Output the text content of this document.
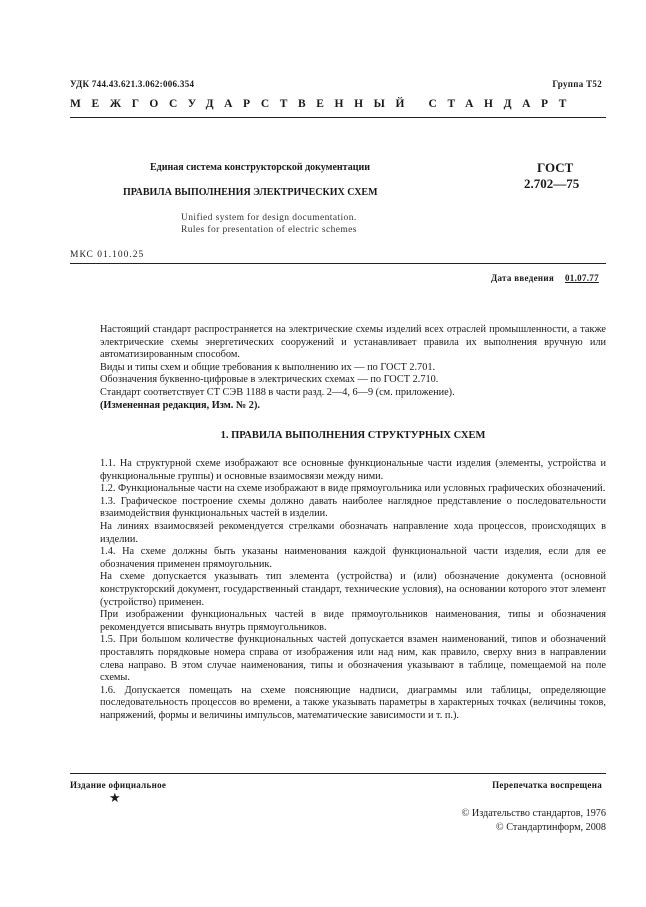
УДК 744.43.621.3.062:006.354	Группа Т52
МЕЖГОСУДАРСТВЕННЫЙ СТАНДАРТ
Единая система конструкторской документации
ПРАВИЛА ВЫПОЛНЕНИЯ ЭЛЕКТРИЧЕСКИХ СХЕМ
ГОСТ
2.702—75
Unified system for design documentation.
Rules for presentation of electric schemes
МКС 01.100.25
Дата введения 01.07.77

Настоящий стандарт распространяется на электрические схемы изделий всех отраслей промышленности, а также электрические схемы энергетических сооружений и устанавливает правила их выполнения вручную или автоматизированным способом.

Виды и типы схем и общие требования к выполнению их — по ГОСТ 2.701.

Обозначения буквенно-цифровые в электрических схемах — по ГОСТ 2.710.

Стандарт соответствует СТ СЭВ 1188 в части разд. 2—4, 6—9 (см. приложение).

(Измененная редакция, Изм. № 2).

1. ПРАВИЛА ВЫПОЛНЕНИЯ СТРУКТУРНЫХ СХЕМ

1.1. На структурной схеме изображают все основные функциональные части изделия (элементы, устройства и функциональные группы) и основные взаимосвязи между ними.

1.2. Функциональные части на схеме изображают в виде прямоугольника или условных графических обозначений.

1.3. Графическое построение схемы должно давать наиболее наглядное представление о последовательности взаимодействия функциональных частей в изделии.

На линиях взаимосвязей рекомендуется стрелками обозначать направление хода процессов, происходящих в изделии.

1.4. На схеме должны быть указаны наименования каждой функциональной части изделия, если для ее обозначения применен прямоугольник.

На схеме допускается указывать тип элемента (устройства) и (или) обозначение документа (основной конструкторский документ, государственный стандарт, технические условия), на основании которого этот элемент (устройство) применен.

При изображении функциональных частей в виде прямоугольников наименования, типы и обозначения рекомендуется вписывать внутрь прямоугольников.

1.5. При большом количестве функциональных частей допускается взамен наименований, типов и обозначений проставлять порядковые номера справа от изображения или над ним, как правило, сверху вниз в направлении слева направо. В этом случае наименования, типы и обозначения указывают в таблице, помещаемой на поле схемы.

1.6. Допускается помещать на схеме поясняющие надписи, диаграммы или таблицы, определяющие последовательность процессов во времени, а также указывать параметры в характерных точках (величины токов, напряжений, формы и величины импульсов, математические зависимости и т. п.).

Издание официальное
★
Перепечатка воспрещена
© Издательство стандартов, 1976
© Стандартинформ, 2008
